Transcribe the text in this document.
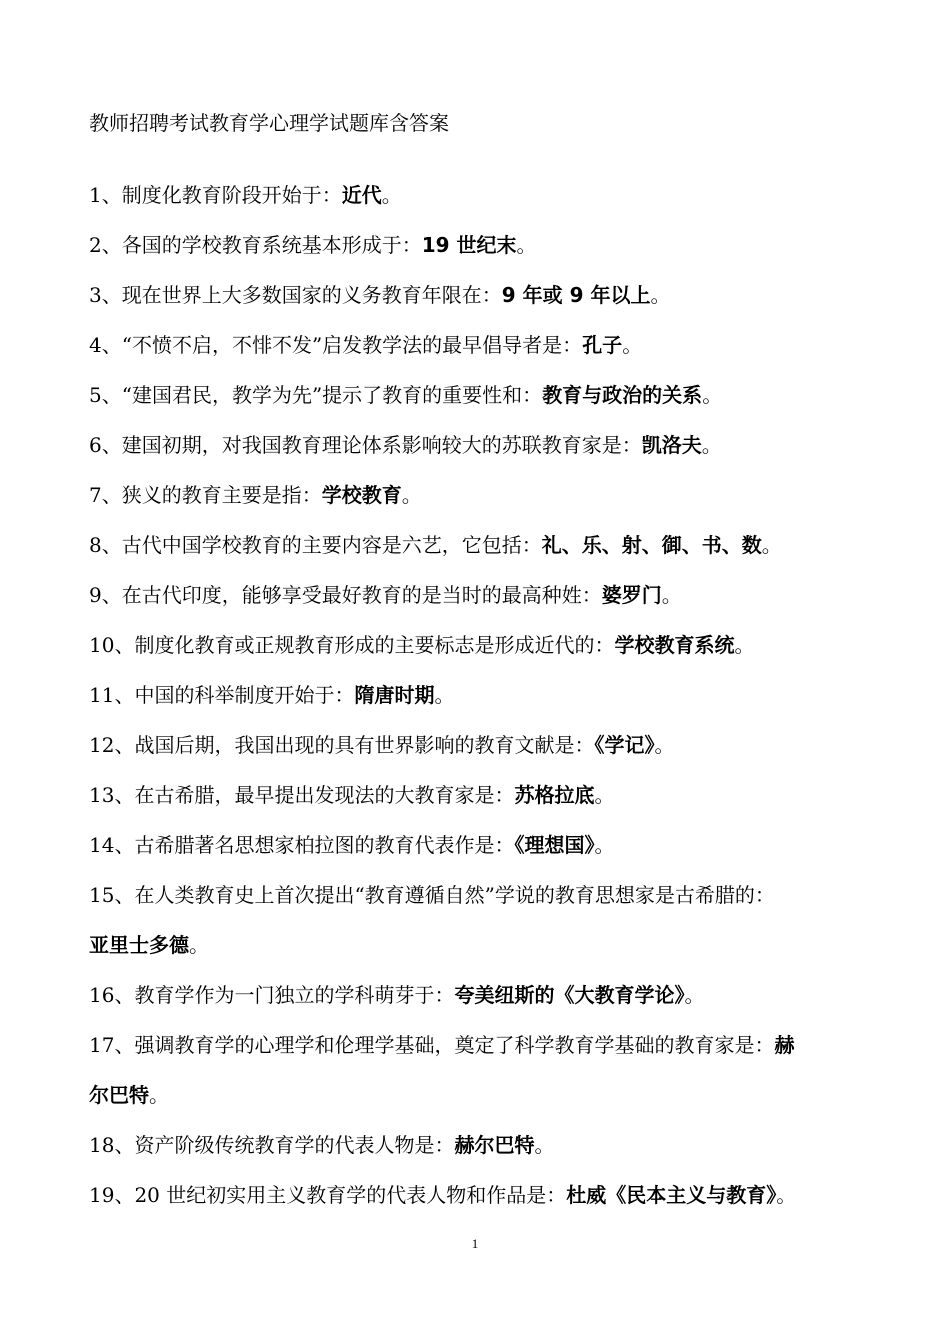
教师招聘考试教育学心理学试题库含答案
1、制度化教育阶段开始于：近代。
2、各国的学校教育系统基本形成于：19 世纪末。
3、现在世界上大多数国家的义务教育年限在：9 年或 9 年以上。
4、“不愤不启，不悱不发”启发教学法的最早倡导者是：孔子。
5、“建国君民，教学为先”提示了教育的重要性和：教育与政治的关系。
6、建国初期，对我国教育理论体系影响较大的苏联教育家是：凯洛夫。
7、狭义的教育主要是指：学校教育。
8、古代中国学校教育的主要内容是六艺，它包括：礼、乐、射、御、书、数。
9、在古代印度，能够享受最好教育的是当时的最高种姓：婆罗门。
10、制度化教育或正规教育形成的主要标志是形成近代的：学校教育系统。
11、中国的科举制度开始于：隋唐时期。
12、战国后期，我国出现的具有世界影响的教育文献是：《学记》。
13、在古希腊，最早提出发现法的大教育家是：苏格拉底。
14、古希腊著名思想家柏拉图的教育代表作是：《理想国》。
15、在人类教育史上首次提出“教育遵循自然”学说的教育思想家是古希腊的：
亚里士多德。
16、教育学作为一门独立的学科萌芽于：夸美纽斯的《大教育学论》。
17、强调教育学的心理学和伦理学基础，奠定了科学教育学基础的教育家是：赫
尔巴特。
18、资产阶级传统教育学的代表人物是：赫尔巴特。
19、20 世纪初实用主义教育学的代表人物和作品是：杜威《民本主义与教育》。
1
